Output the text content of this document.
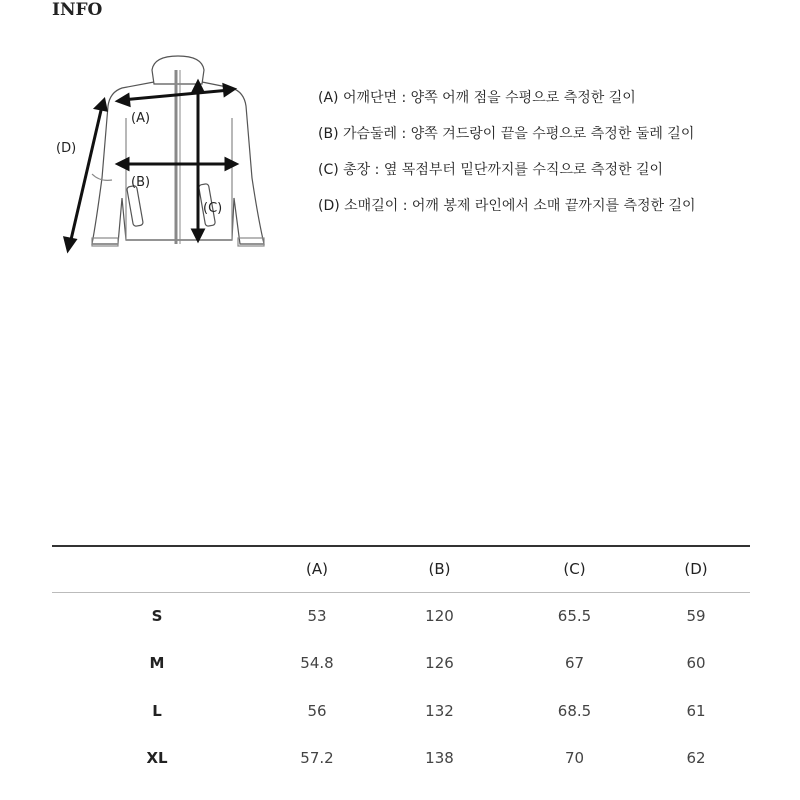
INFO
(A)
(B)
(C)
(D)
(A) 어깨단면 : 양쪽 어깨 점을 수평으로 측정한 길이
(B) 가슴둘레 : 양쪽 겨드랑이 끝을 수평으로 측정한 둘레 길이
(C) 총장 : 옆 목점부터 밑단까지를 수직으로 측정한 길이
(D) 소매길이 : 어깨 봉제 라인에서 소매 끝까지를 측정한 길이
	(A)	(B)	(C)	(D)
S	53	120	65.5	59
M	54.8	126	67	60
L	56	132	68.5	61
XL	57.2	138	70	62
